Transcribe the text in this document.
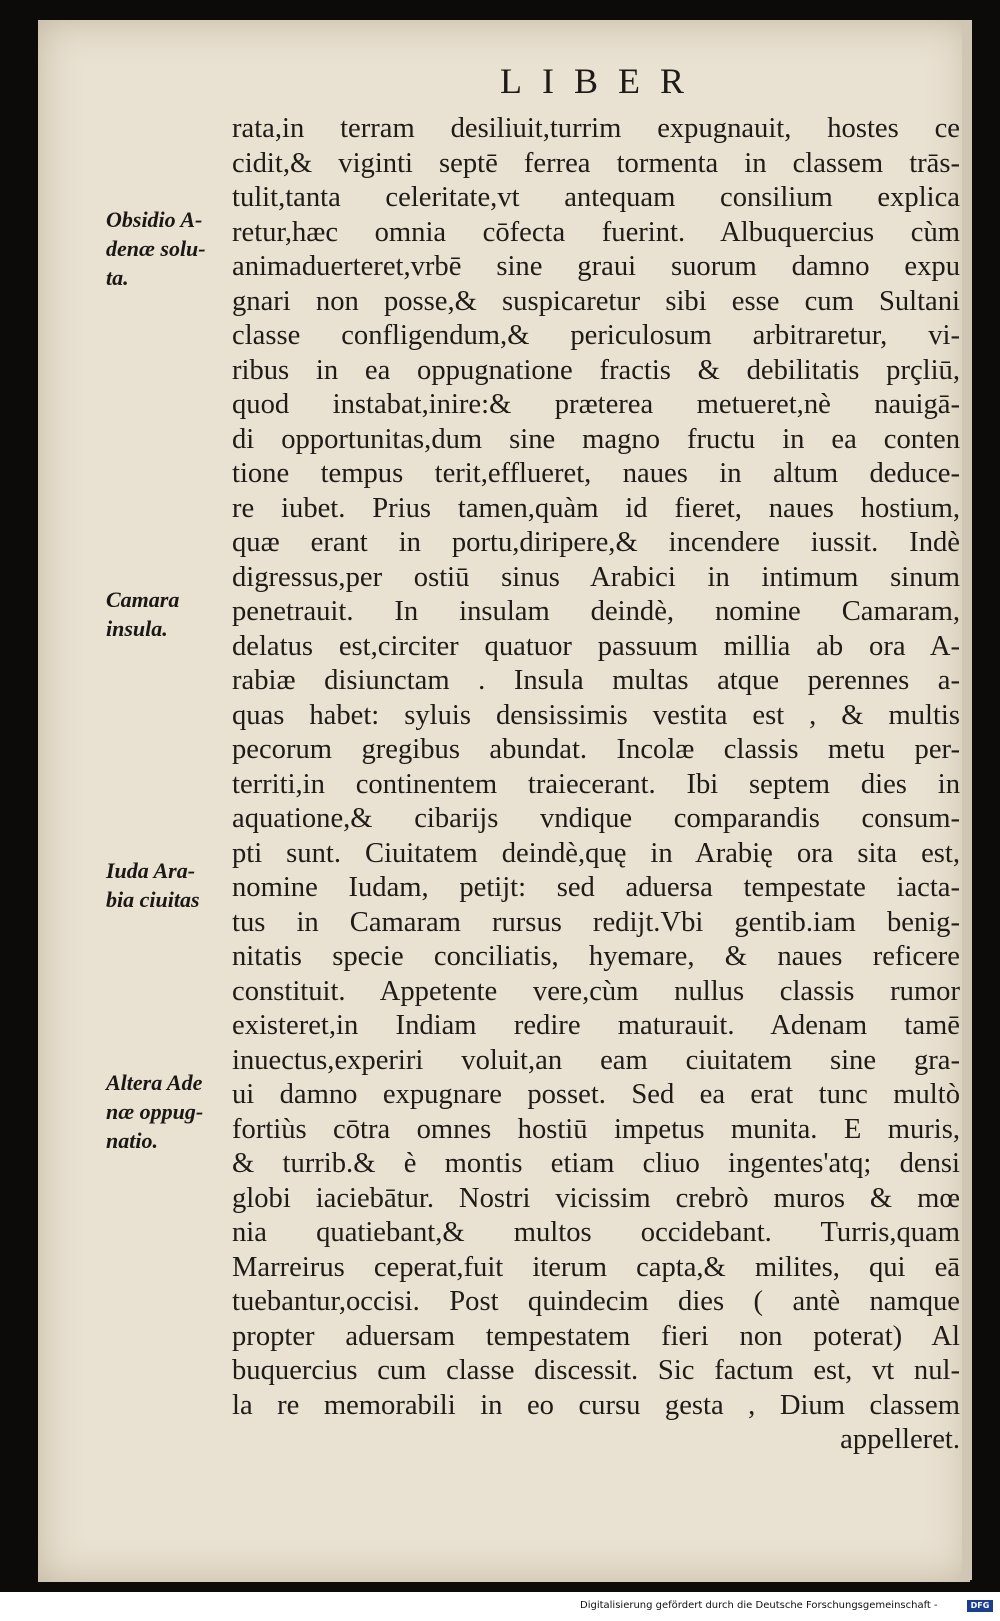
LIBER
rata,in terram desiliuit,turrim expugnauit, hostes ce
cidit,& viginti septē ferrea tormenta in classem trās-
tulit,tanta celeritate,vt antequam consilium explica
retur,hæc omnia cōfecta fuerint. Albuquercius cùm
animaduerteret,vrbē sine graui suorum damno expu
gnari non posse,& suspicaretur sibi esse cum Sultani
classe confligendum,& periculosum arbitraretur, vi-
ribus in ea oppugnatione fractis & debilitatis prçliū,
quod instabat,inire:& præterea metueret,nè nauigā-
di opportunitas,dum sine magno fructu in ea conten
tione tempus terit,efflueret, naues in altum deduce-
re iubet. Prius tamen,quàm id fieret, naues hostium,
quæ erant in portu,diripere,& incendere iussit. Indè
digressus,per ostiū sinus Arabici in intimum sinum
penetrauit. In insulam deindè, nomine Camaram,
delatus est,circiter quatuor passuum millia ab ora A-
rabiæ disiunctam . Insula multas atque perennes a-
quas habet: syluis densissimis vestita est , & multis
pecorum gregibus abundat. Incolæ classis metu per-
territi,in continentem traiecerant. Ibi septem dies in
aquatione,& cibarijs vndique comparandis consum-
pti sunt. Ciuitatem deindè,quę in Arabię ora sita est,
nomine Iudam, petijt: sed aduersa tempestate iacta-
tus in Camaram rursus redijt.Vbi gentib.iam benig-
nitatis speciе conciliatis, hyemare, & naues reficere
constituit. Appetente vere,cùm nullus classis rumor
existeret,in Indiam redire maturauit. Adenam tamē
inuectus,experiri voluit,an eam ciuitatem sine gra-
ui damno expugnare posset. Sed ea erat tunc multò
fortiùs cōtra omnes hostiū impetus munita. E muris,
& turrib.& è montis etiam cliuo ingentes'atq; densi
globi iaciebātur. Nostri vicissim crebrò muros & mœ
nia quatiebant,& multos occidebant. Turris,quam
Marreirus ceperat,fuit iterum capta,& milites, qui eā
tuebantur,occisi. Post quindecim dies ( antè namque
propter aduersam tempestatem fieri non poterat) Al
buquercius cum classe discessit. Sic factum est, vt nul-
la re memorabili in eo cursu gesta , Dium classem
appelleret.
Obsidio A-
denæ solu-
ta.
Camara
insula.
Iuda Ara-
bia ciuitas
Altera Ade
næ oppug-
natio.
Digitalisierung gefördert durch die Deutsche Forschungsgemeinschaft -	DFG
